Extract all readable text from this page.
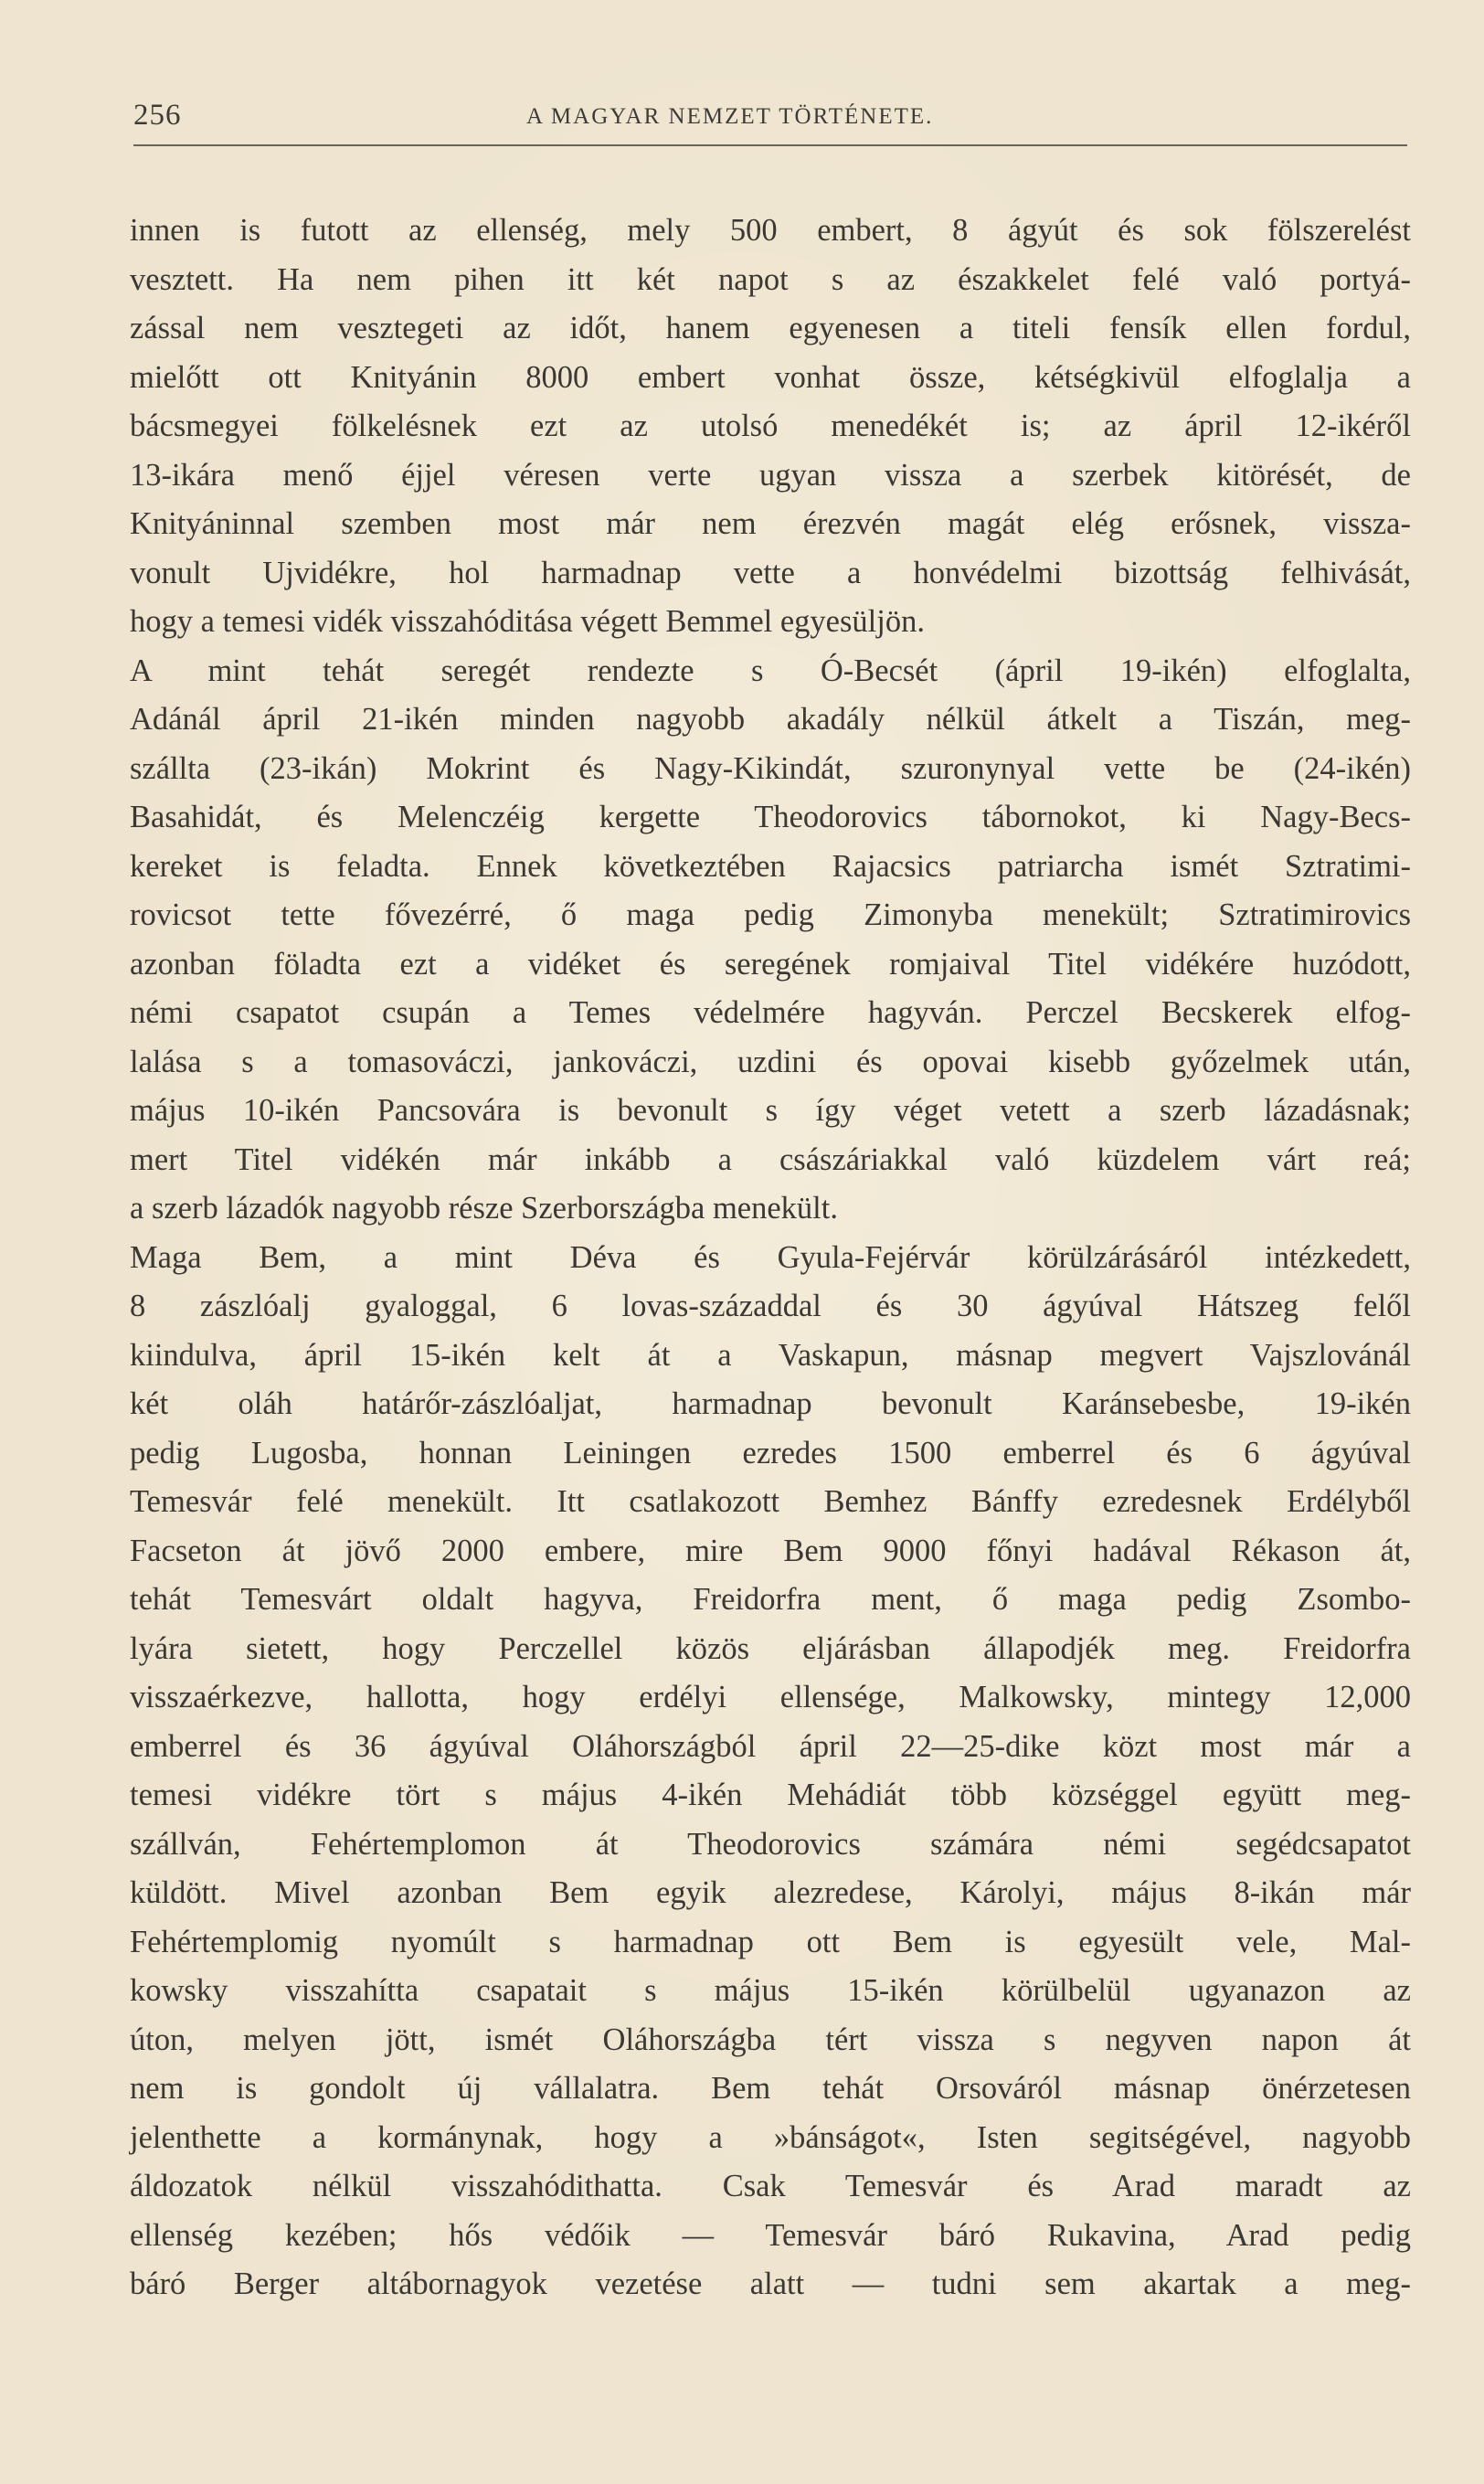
256	A MAGYAR NEMZET TÖRTÉNETE.
innen is futott az ellenség, mely 500 embert, 8 ágyút és sok fölszerelést
vesztett. Ha nem pihen itt két napot s az északkelet felé való portyá-
zással nem vesztegeti az időt, hanem egyenesen a titeli fensík ellen fordul,
mielőtt ott Knityánin 8000 embert vonhat össze, kétségkivül elfoglalja a
bácsmegyei fölkelésnek ezt az utolsó menedékét is; az ápril 12-ikéről
13-ikára menő éjjel véresen verte ugyan vissza a szerbek kitörését, de
Knityáninnal szemben most már nem érezvén magát elég erősnek, vissza-
vonult Ujvidékre, hol harmadnap vette a honvédelmi bizottság felhivását,
hogy a temesi vidék visszahóditása végett Bemmel egyesüljön.
A mint tehát seregét rendezte s Ó-Becsét (ápril 19-ikén) elfoglalta,
Adánál ápril 21-ikén minden nagyobb akadály nélkül átkelt a Tiszán, meg-
szállta (23-ikán) Mokrint és Nagy-Kikindát, szuronynyal vette be (24-ikén)
Basahidát, és Melenczéig kergette Theodorovics tábornokot, ki Nagy-Becs-
kereket is feladta. Ennek következtében Rajacsics patriarcha ismét Sztratimi-
rovicsot tette fővezérré, ő maga pedig Zimonyba menekült; Sztratimirovics
azonban föladta ezt a vidéket és seregének romjaival Titel vidékére huzódott,
némi csapatot csupán a Temes védelmére hagyván. Perczel Becskerek elfog-
lalása s a tomasováczi, jankováczi, uzdini és opovai kisebb győzelmek után,
május 10-ikén Pancsovára is bevonult s így véget vetett a szerb lázadásnak;
mert Titel vidékén már inkább a császáriakkal való küzdelem várt reá;
a szerb lázadók nagyobb része Szerbországba menekült.
Maga Bem, a mint Déva és Gyula-Fejérvár körülzárásáról intézkedett,
8 zászlóalj gyaloggal, 6 lovas-századdal és 30 ágyúval Hátszeg felől
kiindulva, ápril 15-ikén kelt át a Vaskapun, másnap megvert Vajszlovánál
két oláh határőr-zászlóaljat, harmadnap bevonult Karánsebesbe, 19-ikén
pedig Lugosba, honnan Leiningen ezredes 1500 emberrel és 6 ágyúval
Temesvár felé menekült. Itt csatlakozott Bemhez Bánffy ezredesnek Erdélyből
Facseton át jövő 2000 embere, mire Bem 9000 főnyi hadával Rékason át,
tehát Temesvárt oldalt hagyva, Freidorfra ment, ő maga pedig Zsombo-
lyára sietett, hogy Perczellel közös eljárásban állapodjék meg. Freidorfra
visszaérkezve, hallotta, hogy erdélyi ellensége, Malkowsky, mintegy 12,000
emberrel és 36 ágyúval Oláhországból ápril 22—25-dike közt most már a
temesi vidékre tört s május 4-ikén Mehádiát több községgel együtt meg-
szállván, Fehértemplomon át Theodorovics számára némi segédcsapatot
küldött. Mivel azonban Bem egyik alezredese, Károlyi, május 8-ikán már
Fehértemplomig nyomúlt s harmadnap ott Bem is egyesült vele, Mal-
kowsky visszahítta csapatait s május 15-ikén körülbelül ugyanazon az
úton, melyen jött, ismét Oláhországba tért vissza s negyven napon át
nem is gondolt új vállalatra. Bem tehát Orsováról másnap önérzetesen
jelenthette a kormánynak, hogy a »bánságot«, Isten segitségével, nagyobb
áldozatok nélkül visszahódithatta. Csak Temesvár és Arad maradt az
ellenség kezében; hős védőik — Temesvár báró Rukavina, Arad pedig
báró Berger altábornagyok vezetése alatt — tudni sem akartak a meg-
